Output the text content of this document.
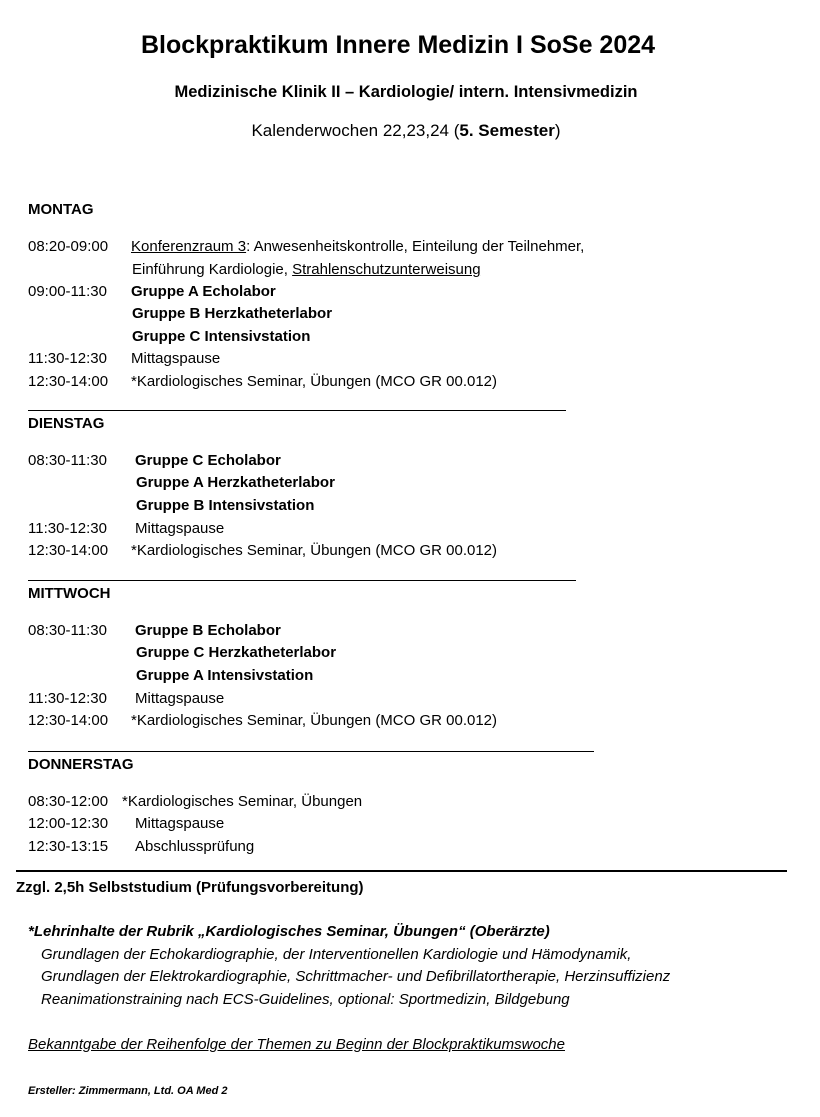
Blockpraktikum Innere Medizin I SoSe 2024
Medizinische Klinik II – Kardiologie/ intern. Intensivmedizin
Kalenderwochen 22,23,24 (5. Semester)
MONTAG
08:20-09:00 Konferenzraum 3: Anwesenheitskontrolle, Einteilung der Teilnehmer,
Einführung Kardiologie, Strahlenschutzunterweisung
09:00-11:30 Gruppe A Echolabor
Gruppe B Herzkatheterlabor
Gruppe C Intensivstation
11:30-12:30 Mittagspause
12:30-14:00 *Kardiologisches Seminar, Übungen (MCO GR 00.012)
DIENSTAG
08:30-11:30 Gruppe C Echolabor
Gruppe A Herzkatheterlabor
Gruppe B Intensivstation
11:30-12:30 Mittagspause
12:30-14:00 *Kardiologisches Seminar, Übungen (MCO GR 00.012)
MITTWOCH
08:30-11:30 Gruppe B Echolabor
Gruppe C Herzkatheterlabor
Gruppe A Intensivstation
11:30-12:30 Mittagspause
12:30-14:00 *Kardiologisches Seminar, Übungen (MCO GR 00.012)
DONNERSTAG
08:30-12:00 *Kardiologisches Seminar, Übungen
12:00-12:30 Mittagspause
12:30-13:15 Abschlussprüfung
Zzgl. 2,5h Selbststudium (Prüfungsvorbereitung)
*Lehrinhalte der Rubrik „Kardiologisches Seminar, Übungen“ (Oberärzte)
Grundlagen der Echokardiographie, der Interventionellen Kardiologie und Hämodynamik,
Grundlagen der Elektrokardiographie, Schrittmacher- und Defibrillatortherapie, Herzinsuffizienz
Reanimationstraining nach ECS-Guidelines, optional: Sportmedizin, Bildgebung
Bekanntgabe der Reihenfolge der Themen zu Beginn der Blockpraktikumswoche
Ersteller: Zimmermann, Ltd. OA Med 2
